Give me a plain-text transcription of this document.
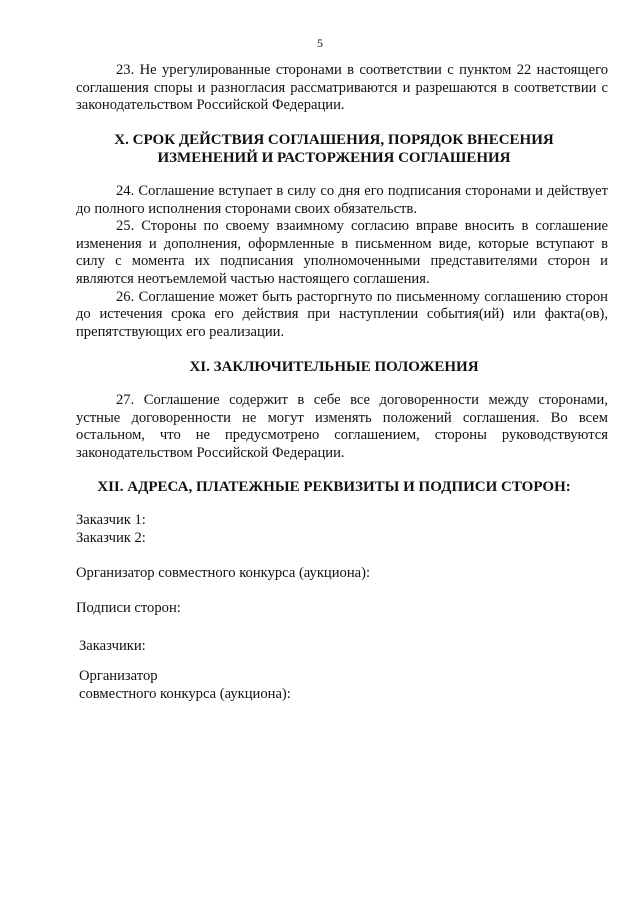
5

23. Не урегулированные сторонами в соответствии с пунктом 22 настоящего соглашения споры и разногласия рассматриваются и разрешаются в соответствии с законодательством Российской Федерации.

X. СРОК ДЕЙСТВИЯ СОГЛАШЕНИЯ, ПОРЯДОК ВНЕСЕНИЯ
ИЗМЕНЕНИЙ И РАСТОРЖЕНИЯ СОГЛАШЕНИЯ

24. Соглашение вступает в силу со дня его подписания сторонами и действует до полного исполнения сторонами своих обязательств.

25. Стороны по своему взаимному согласию вправе вносить в соглашение изменения и дополнения, оформленные в письменном виде, которые вступают в силу с момента их подписания уполномоченными представителями сторон и являются неотъемлемой частью настоящего соглашения.

26. Соглашение может быть расторгнуто по письменному соглашению сторон до истечения срока его действия при наступлении события(ий) или факта(ов), препятствующих его реализации.

XI. ЗАКЛЮЧИТЕЛЬНЫЕ ПОЛОЖЕНИЯ

27. Соглашение содержит в себе все договоренности между сторонами, устные договоренности не могут изменять положений соглашения. Во всем остальном, что не предусмотрено соглашением, стороны руководствуются законодательством Российской Федерации.

XII. АДРЕСА, ПЛАТЕЖНЫЕ РЕКВИЗИТЫ И ПОДПИСИ СТОРОН:

Заказчик 1:

Заказчик 2:

Организатор совместного конкурса (аукциона):

Подписи сторон:

Заказчики:

Организатор

совместного конкурса (аукциона):
